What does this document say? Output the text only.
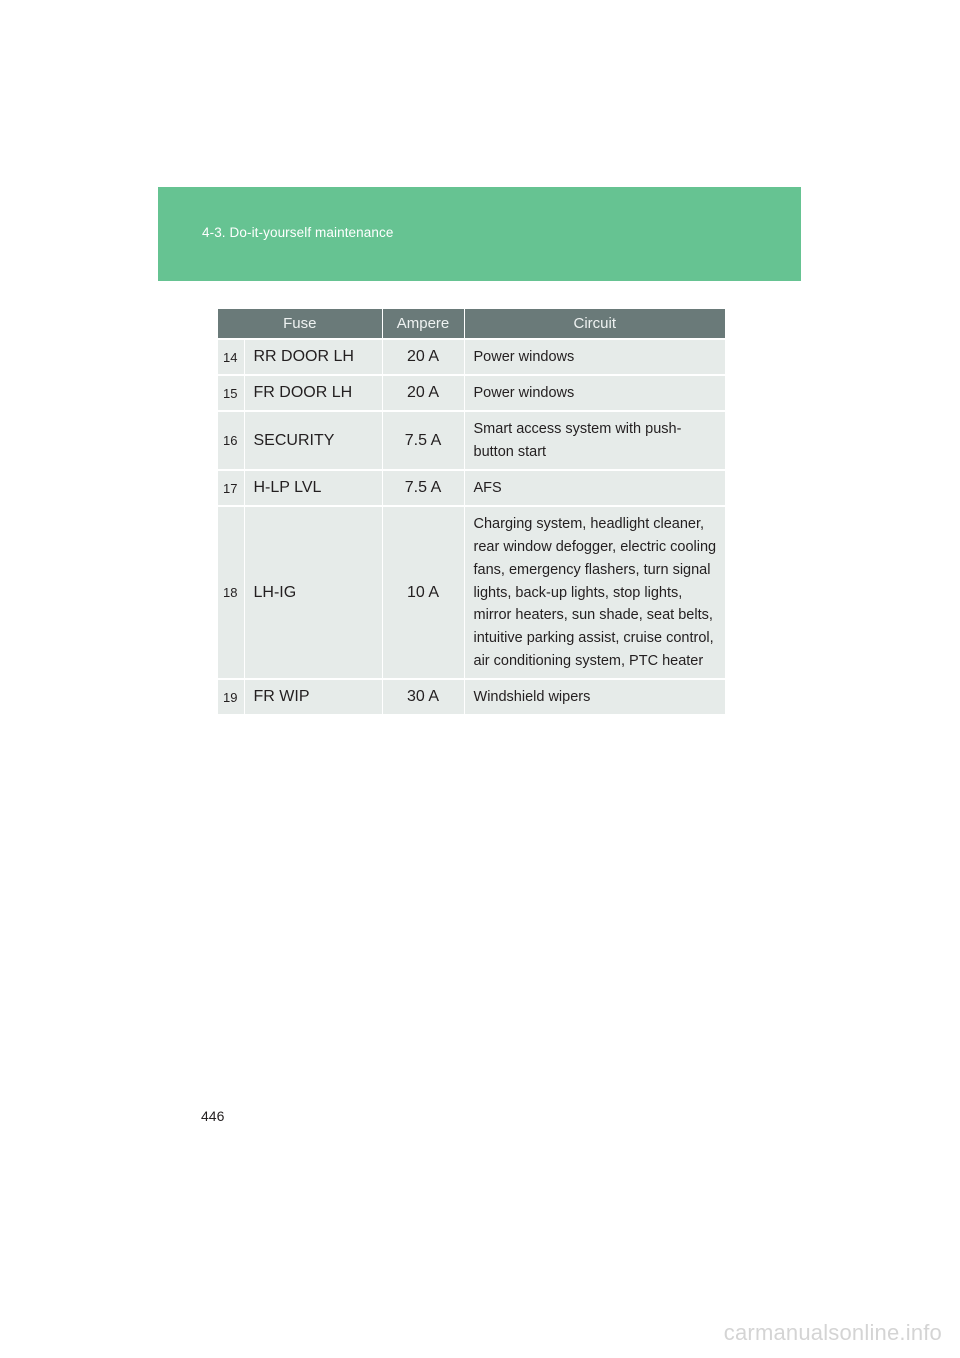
4-3. Do-it-yourself maintenance
Fuse		Ampere	Circuit
14	RR DOOR LH	20 A	Power windows
15	FR DOOR LH	20 A	Power windows
16	SECURITY	7.5 A	Smart access system with push-button start
17	H-LP LVL	7.5 A	AFS
18	LH-IG	10 A	Charging system, headlight cleaner, rear window defogger, electric cooling fans, emergency flashers, turn signal lights, back-up lights, stop lights, mirror heaters, sun shade, seat belts, intuitive parking assist, cruise control, air conditioning system, PTC heater
19	FR WIP	30 A	Windshield wipers
446
carmanualsonline.info
